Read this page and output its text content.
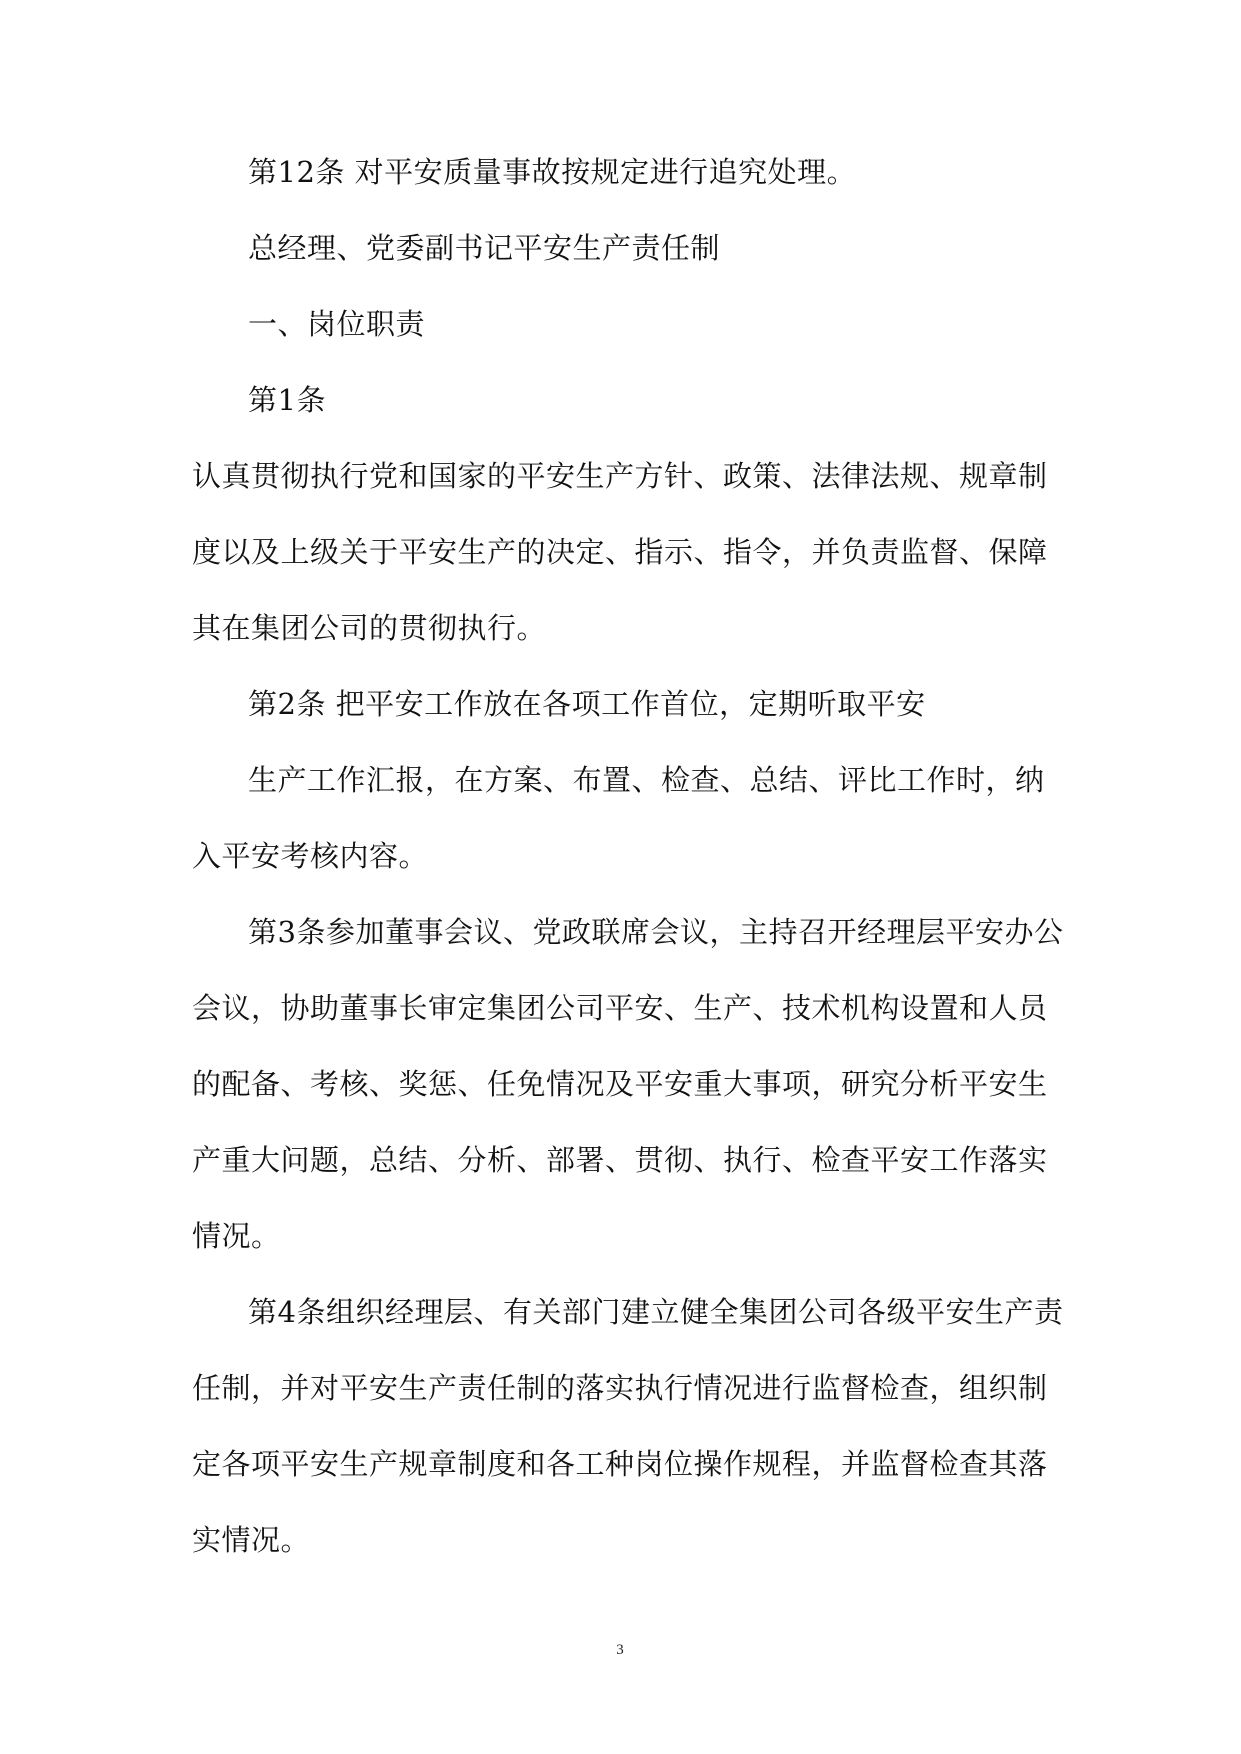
第12条 对平安质量事故按规定进行追究处理。
总经理、党委副书记平安生产责任制
一、岗位职责
第1条
认真贯彻执行党和国家的平安生产方针、政策、法律法规、规章制
度以及上级关于平安生产的决定、指示、指令，并负责监督、保障
其在集团公司的贯彻执行。
第2条 把平安工作放在各项工作首位，定期听取平安
生产工作汇报，在方案、布置、检查、总结、评比工作时，纳
入平安考核内容。
第3条参加董事会议、党政联席会议，主持召开经理层平安办公
会议，协助董事长审定集团公司平安、生产、技术机构设置和人员
的配备、考核、奖惩、任免情况及平安重大事项，研究分析平安生
产重大问题，总结、分析、部署、贯彻、执行、检查平安工作落实
情况。
第4条组织经理层、有关部门建立健全集团公司各级平安生产责
任制，并对平安生产责任制的落实执行情况进行监督检查，组织制
定各项平安生产规章制度和各工种岗位操作规程，并监督检查其落
实情况。
3
